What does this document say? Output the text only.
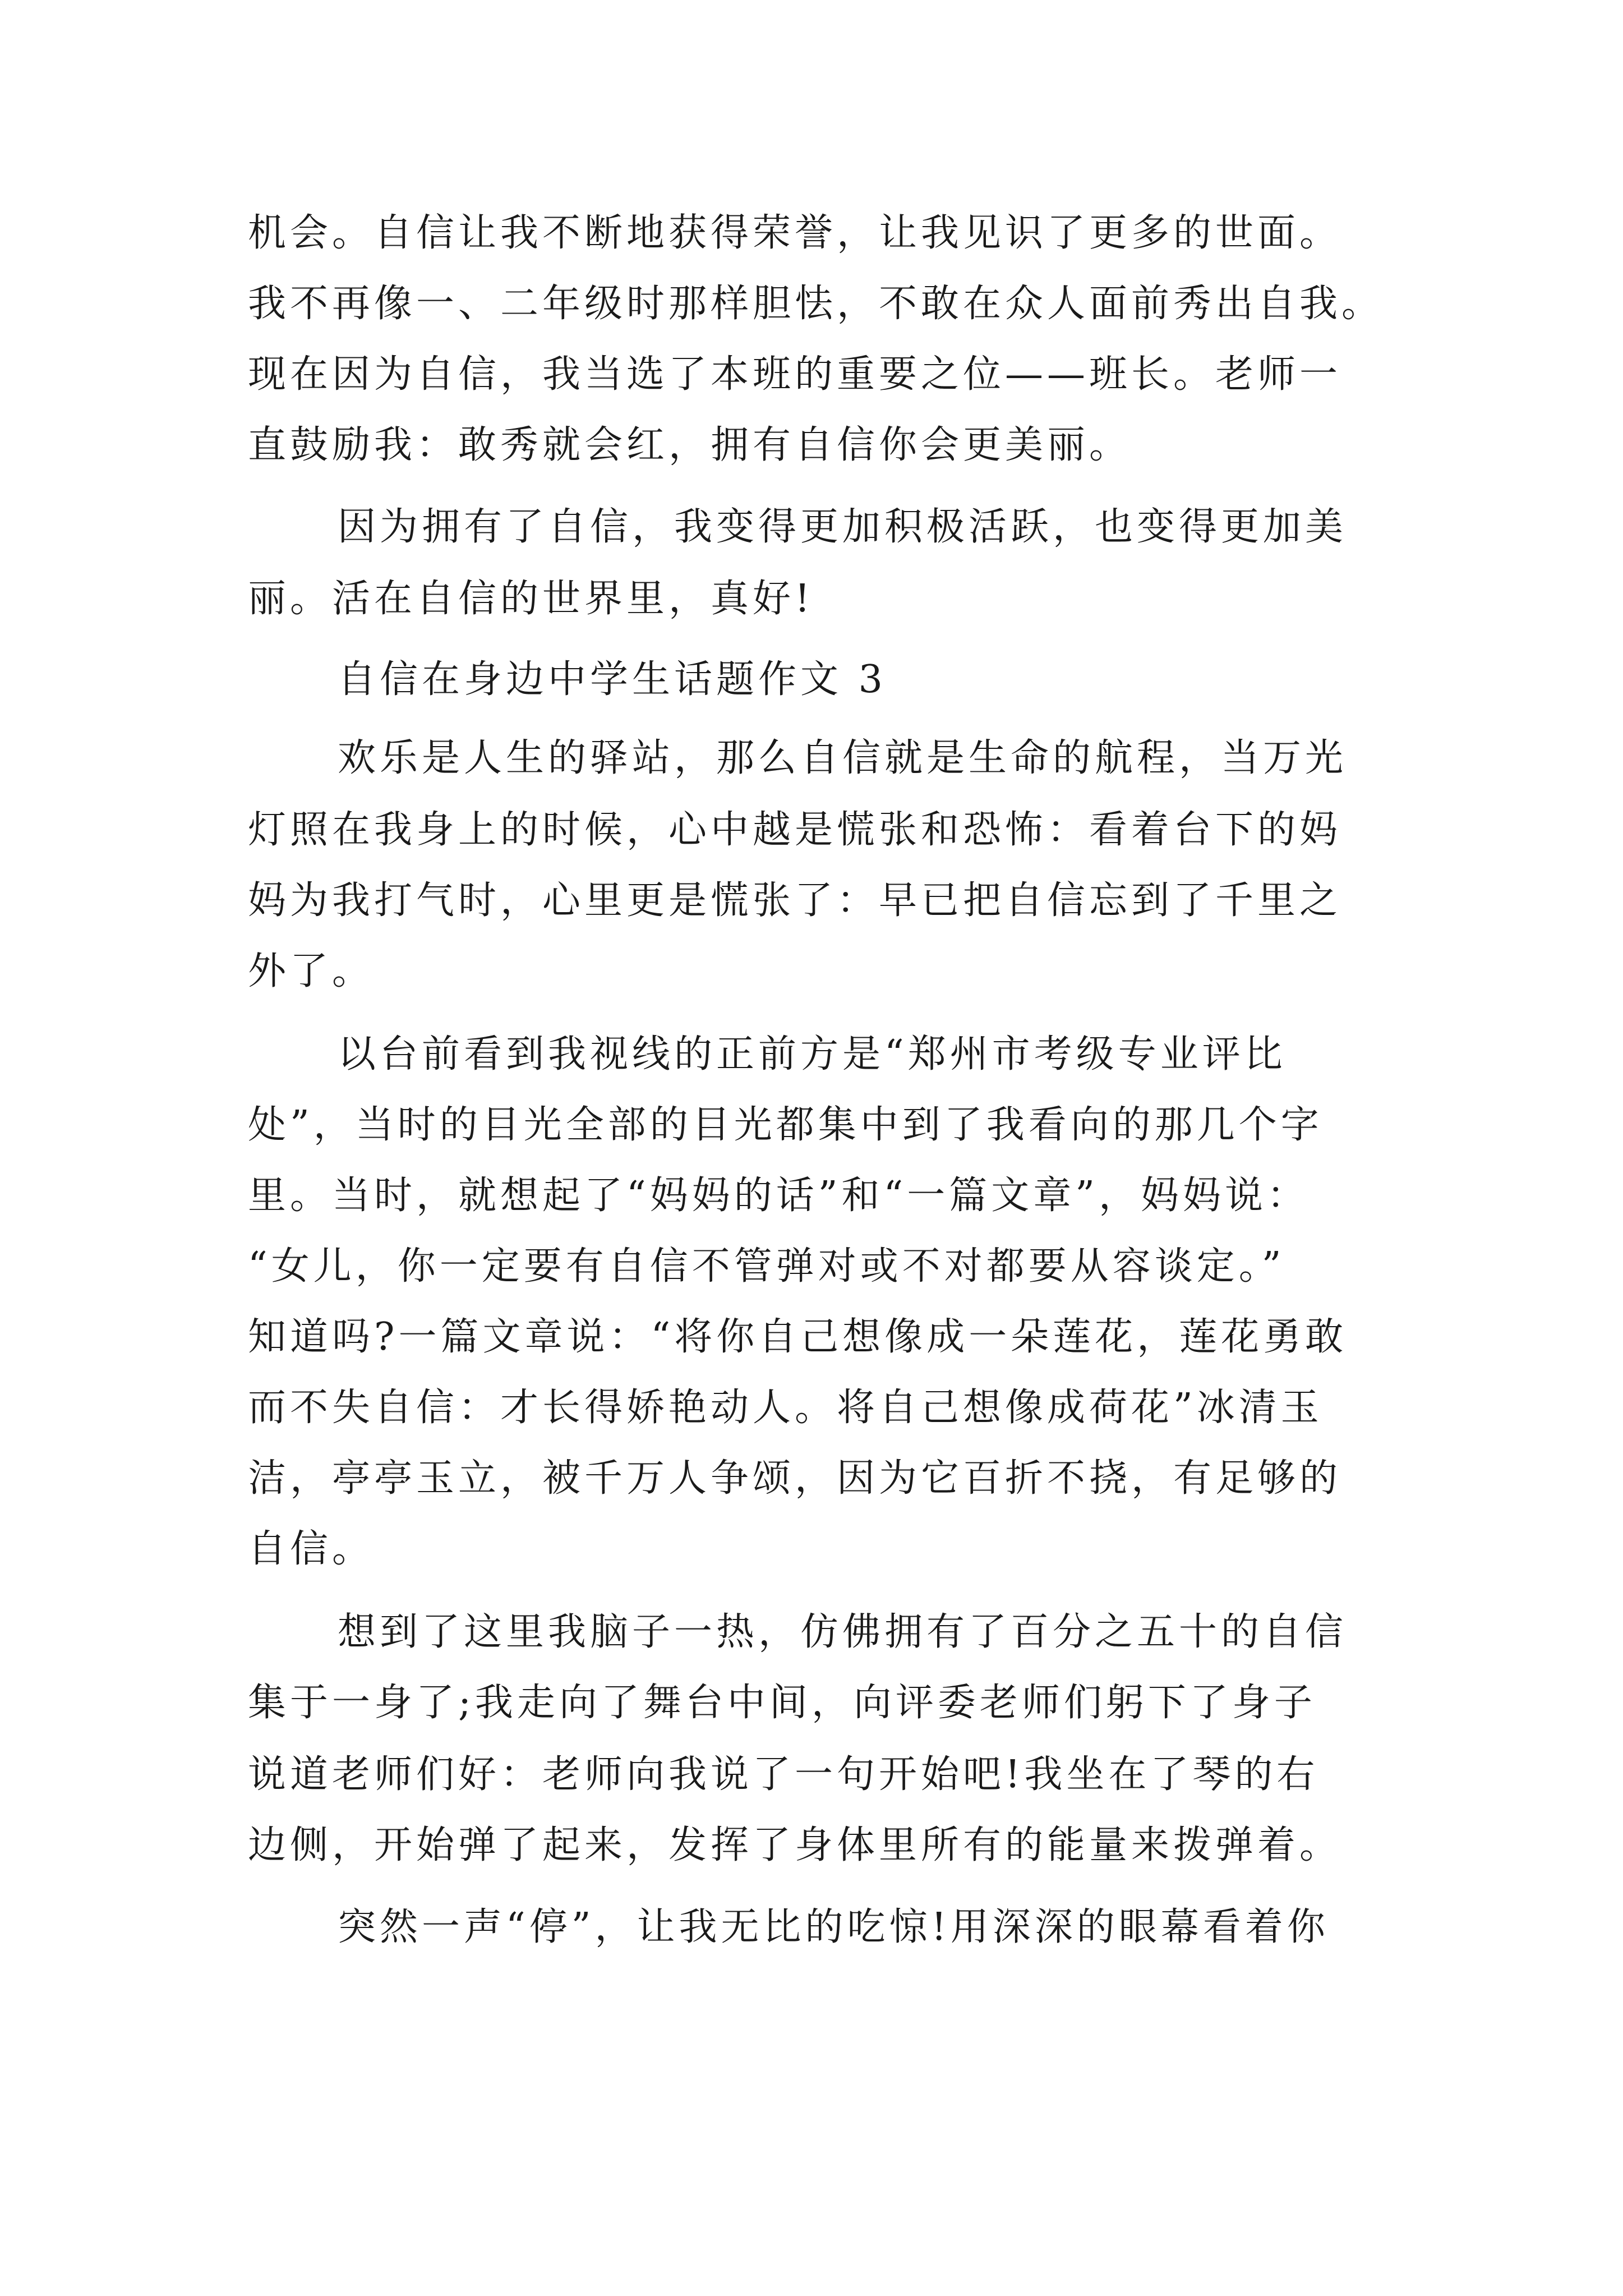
机会。自信让我不断地获得荣誉，让我见识了更多的世面。
我不再像一、二年级时那样胆怯，不敢在众人面前秀出自我。
现在因为自信，我当选了本班的重要之位——班长。老师一
直鼓励我：敢秀就会红，拥有自信你会更美丽。
因为拥有了自信，我变得更加积极活跃，也变得更加美
丽。活在自信的世界里，真好!
自信在身边中学生话题作文 3
欢乐是人生的驿站，那么自信就是生命的航程，当万光
灯照在我身上的时候，心中越是慌张和恐怖：看着台下的妈
妈为我打气时，心里更是慌张了：早已把自信忘到了千里之
外了。
以台前看到我视线的正前方是“郑州市考级专业评比
处”，当时的目光全部的目光都集中到了我看向的那几个字
里。当时，就想起了“妈妈的话”和“一篇文章”，妈妈说：
“女儿，你一定要有自信不管弹对或不对都要从容谈定。”
知道吗?一篇文章说：“将你自己想像成一朵莲花，莲花勇敢
而不失自信：才长得娇艳动人。将自己想像成荷花”冰清玉
洁，亭亭玉立，被千万人争颂，因为它百折不挠，有足够的
自信。
想到了这里我脑子一热，仿佛拥有了百分之五十的自信
集于一身了;我走向了舞台中间，向评委老师们躬下了身子
说道老师们好：老师向我说了一句开始吧!我坐在了琴的右
边侧，开始弹了起来，发挥了身体里所有的能量来拨弹着。
突然一声“停”，让我无比的吃惊!用深深的眼幕看着你
